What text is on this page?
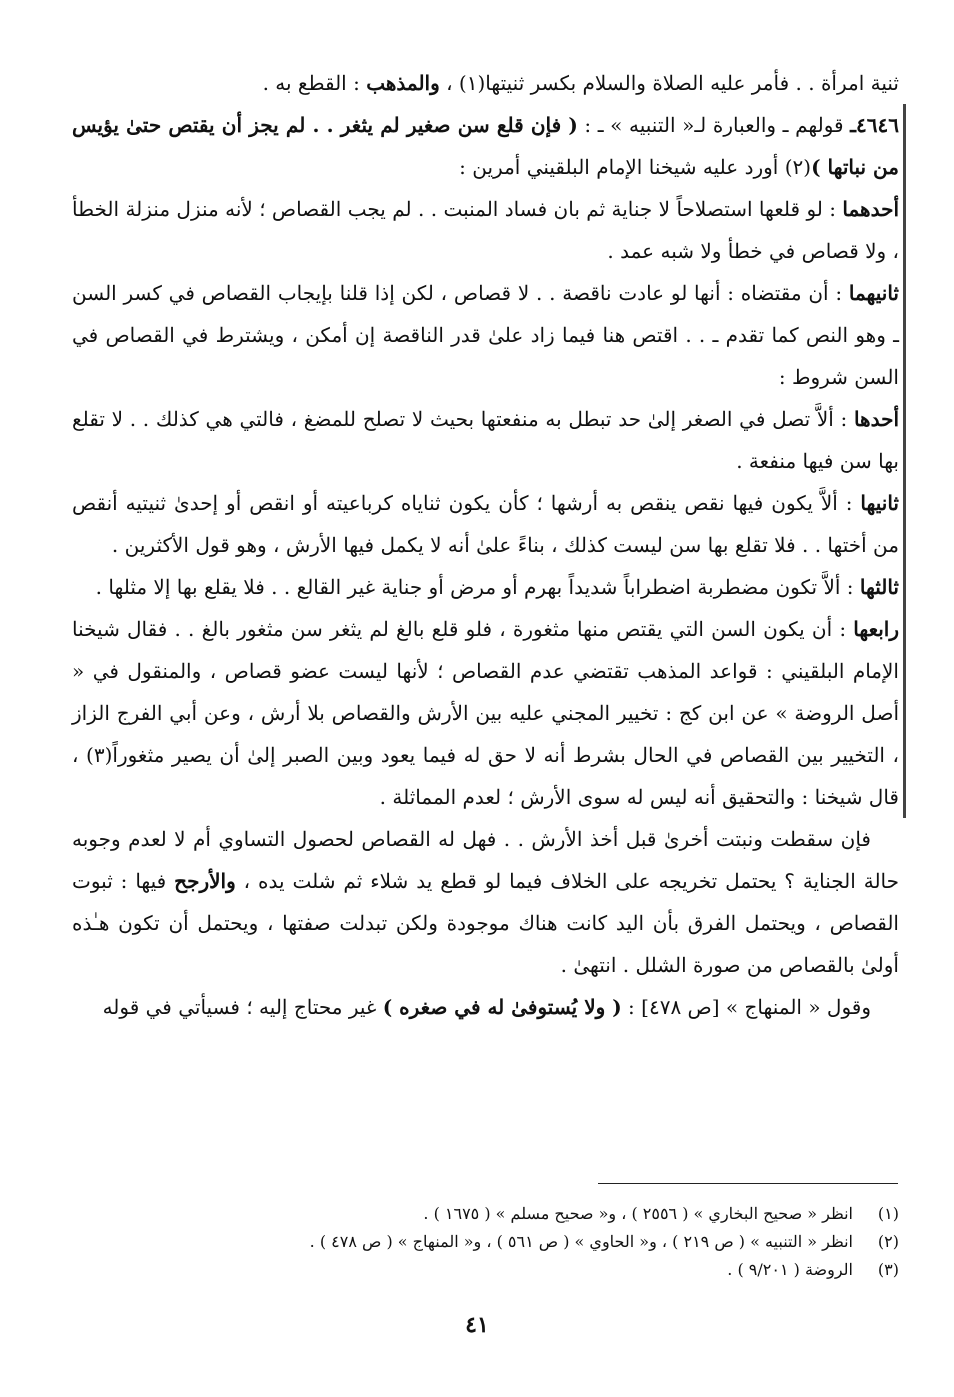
ثنية امرأة . . فأمر عليه الصلاة والسلام بكسر ثنيتها(١) ، والمذهب : القطع به .

٤٦٤٦ـ قولهم ـ والعبارة لـ« التنبيه » ـ : ( فإن قلع سن صغير لم يثغر . . لم يجز أن يقتص حتىٰ يؤيس من نباتها )(٢) أورد عليه شيخنا الإمام البلقيني أمرين :

أحدهما : لو قلعها استصلاحاً لا جناية ثم بان فساد المنبت . . لم يجب القصاص ؛ لأنه منزل منزلة الخطأ ، ولا قصاص في خطأ ولا شبه عمد .

ثانيهما : أن مقتضاه : أنها لو عادت ناقصة . . لا قصاص ، لكن إذا قلنا بإيجاب القصاص في كسر السن ـ وهو النص كما تقدم ـ . . اقتص هنا فيما زاد علىٰ قدر الناقصة إن أمكن ، ويشترط في القصاص في السن شروط :

أحدها : ألاَّ تصل في الصغر إلىٰ حد تبطل به منفعتها بحيث لا تصلح للمضغ ، فالتي هي كذلك . . لا تقلع بها سن فيها منفعة .

ثانيها : ألاَّ يكون فيها نقص ينقص به أرشها ؛ كأن يكون ثناياه كرباعيته أو انقص أو إحدىٰ ثنيتيه أنقص من أختها . . فلا تقلع بها سن ليست كذلك ، بناءً علىٰ أنه لا يكمل فيها الأرش ، وهو قول الأكثرين .

ثالثها : ألاَّ تكون مضطربة اضطراباً شديداً بهرم أو مرض أو جناية غير القالع . . فلا يقلع بها إلا مثلها .

رابعها : أن يكون السن التي يقتص منها مثغورة ، فلو قلع بالغ لم يثغر سن مثغور بالغ . . فقال شيخنا الإمام البلقيني : قواعد المذهب تقتضي عدم القصاص ؛ لأنها ليست عضو قصاص ، والمنقول في « أصل الروضة » عن ابن كج : تخيير المجني عليه بين الأرش والقصاص بلا أرش ، وعن أبي الفرج الزاز ، التخيير بين القصاص في الحال بشرط أنه لا حق له فيما يعود وبين الصبر إلىٰ أن يصير مثغوراً(٣) ، قال شيخنا : والتحقيق أنه ليس له سوى الأرش ؛ لعدم المماثلة .

فإن سقطت ونبتت أخرىٰ قبل أخذ الأرش . . فهل له القصاص لحصول التساوي أم لا لعدم وجوبه حالة الجناية ؟ يحتمل تخريجه على الخلاف فيما لو قطع يد شلاء ثم شلت يده ، والأرجح فيها : ثبوت القصاص ، ويحتمل الفرق بأن اليد كانت هناك موجودة ولكن تبدلت صفتها ، ويحتمل أن تكون هـٰذه أولىٰ بالقصاص من صورة الشلل . انتهىٰ .

وقول « المنهاج » [ص ٤٧٨] : ( ولا يُستوفىٰ له في صغره ) غير محتاج إليه ؛ فسيأتي في قوله

(١)انظر « صحيح البخاري » ( ٢٥٥٦ ) ، و« صحيح مسلم » ( ١٦٧٥ ) .

(٢)انظر « التنبيه » ( ص ٢١٩ ) ، و« الحاوي » ( ص ٥٦١ ) ، و« المنهاج » ( ص ٤٧٨ ) .

(٣)الروضة ( ٩/٢٠١ ) .

٤١
